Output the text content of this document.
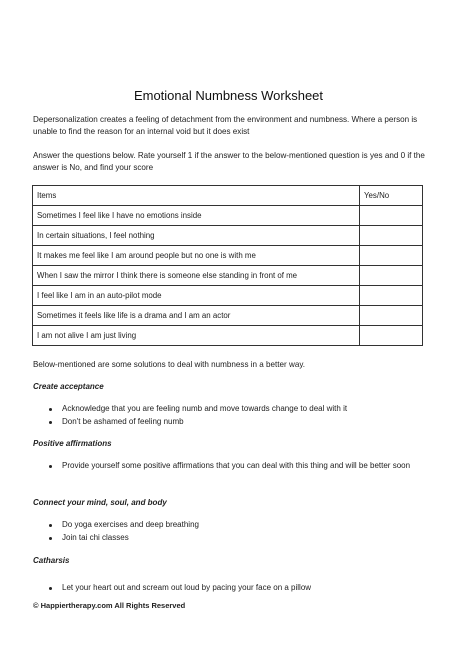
Emotional Numbness Worksheet
Depersonalization creates a feeling of detachment from the environment and numbness. Where a person is unable to find the reason for an internal void but it does exist
Answer the questions below. Rate yourself 1 if the answer to the below-mentioned question is yes and 0 if the answer is No, and find your score
Items	Yes/No
Sometimes I feel like I have no emotions inside	
In certain situations, I feel nothing	
It makes me feel like I am around people but no one is with me	
When I saw the mirror I think there is someone else standing in front of me	
I feel like I am in an auto-pilot mode	
Sometimes it feels like life is a drama and I am an actor	
I am not alive I am just living	
Below-mentioned are some solutions to deal with numbness in a better way.
Create acceptance
Acknowledge that you are feeling numb and move towards change to deal with it
Don't be ashamed of feeling numb
Positive affirmations
Provide yourself some positive affirmations that you can deal with this thing and will be better soon
Connect your mind, soul, and body
Do yoga exercises and deep breathing
Join tai chi classes
Catharsis
Let your heart out and scream out loud by pacing your face on a pillow
© Happiertherapy.com All Rights Reserved
